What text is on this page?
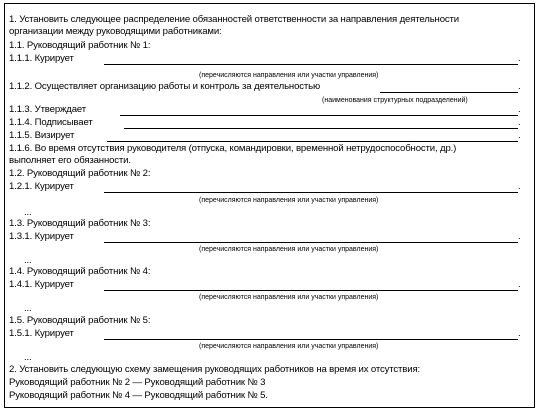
1. Установить следующее распределение обязанностей ответственности за направления деятельности
организации между руководящими работниками:
1.1. Руководящий работник № 1:
1.1.1. Курирует	.
(перечисляются направления или участки управления)
1.1.2. Осуществляет организацию работы и контроль за деятельностью	.
(наименования структурных подразделений)
1.1.3. Утверждает	.
1.1.4. Подписывает	.
1.1.5. Визирует	.
1.1.6. Во время отсутствия руководителя (отпуска, командировки, временной нетрудоспособности, др.)
выполняет его обязанности.
1.2. Руководящий работник № 2:
1.2.1. Курирует	.
(перечисляются направления или участки управления)
...
1.3. Руководящий работник № 3:
1.3.1. Курирует	.
(перечисляются направления или участки управления)
...
1.4. Руководящий работник № 4:
1.4.1. Курирует	.
(перечисляются направления или участки управления)
...
1.5. Руководящий работник № 5:
1.5.1. Курирует	.
(перечисляются направления или участки управления)
...
2. Установить следующую схему замещения руководящих работников на время их отсутствия:
Руководящий работник № 2 — Руководящий работник № 3
Руководящий работник № 4 — Руководящий работник № 5.
